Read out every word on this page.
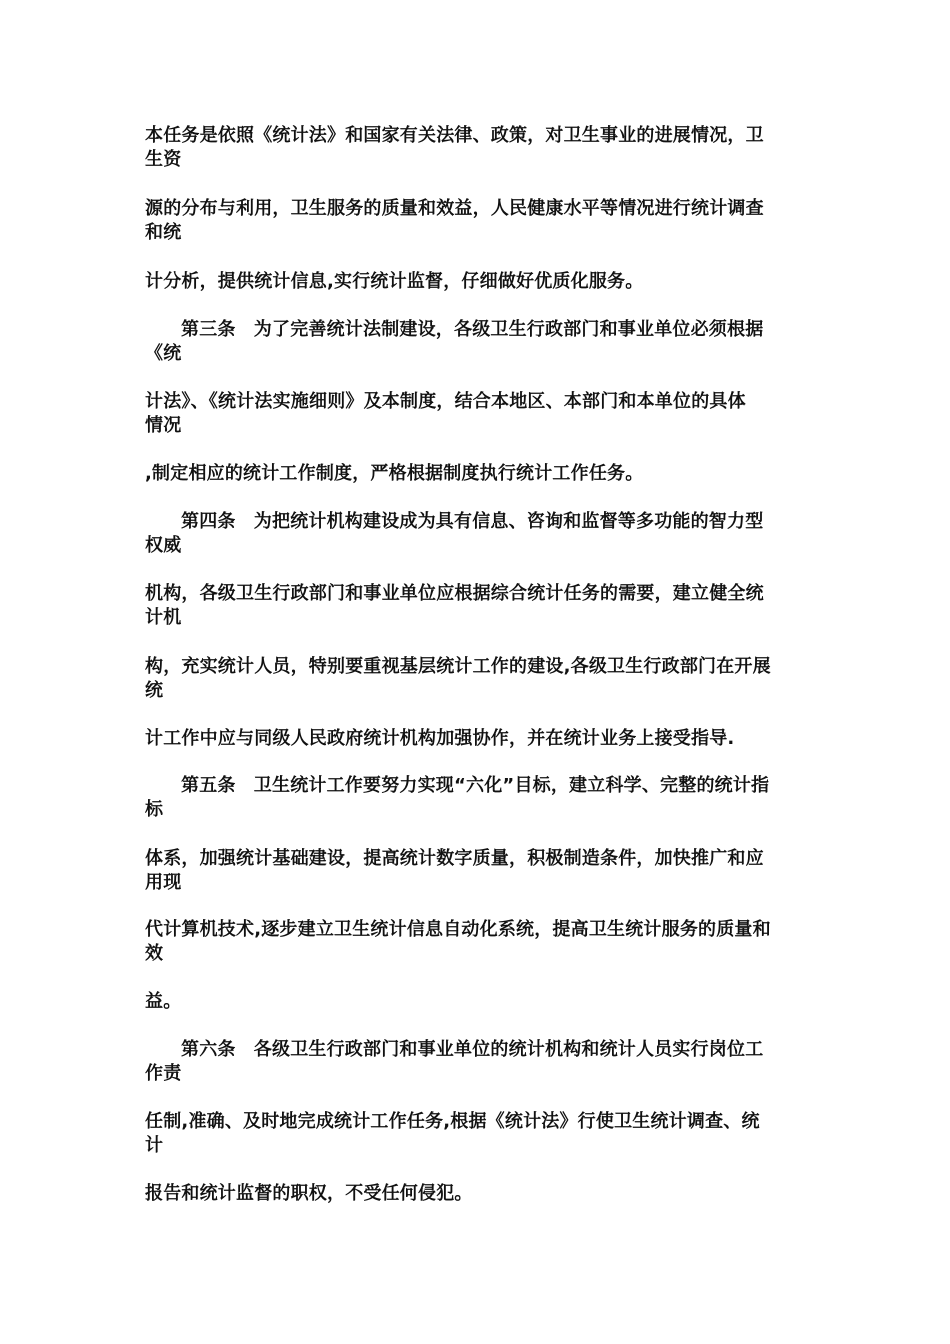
本任务是依照《统计法》和国家有关法律、政策，对卫生事业的进展情况，卫
生资
源的分布与利用，卫生服务的质量和效益，人民健康水平等情况进行统计调查
和统
计分析，提供统计信息,实行统计监督，仔细做好优质化服务。
第三条　为了完善统计法制建设，各级卫生行政部门和事业单位必须根据
《统
计法》、《统计法实施细则》及本制度，结合本地区、本部门和本单位的具体
情况
,制定相应的统计工作制度，严格根据制度执行统计工作任务。
第四条　为把统计机构建设成为具有信息、咨询和监督等多功能的智力型
权威
机构，各级卫生行政部门和事业单位应根据综合统计任务的需要，建立健全统
计机
构，充实统计人员，特别要重视基层统计工作的建设,各级卫生行政部门在开展
统
计工作中应与同级人民政府统计机构加强协作，并在统计业务上接受指导.
第五条　卫生统计工作要努力实现“六化”目标，建立科学、完整的统计指
标
体系，加强统计基础建设，提高统计数字质量，积极制造条件，加快推广和应
用现
代计算机技术,逐步建立卫生统计信息自动化系统，提高卫生统计服务的质量和
效
益。
第六条　各级卫生行政部门和事业单位的统计机构和统计人员实行岗位工
作责
任制,准确、及时地完成统计工作任务,根据《统计法》行使卫生统计调查、统
计
报告和统计监督的职权，不受任何侵犯。
